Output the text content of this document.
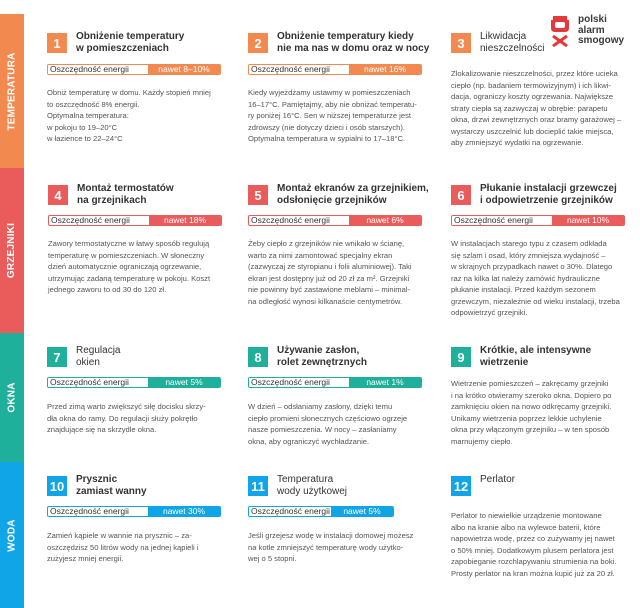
TEMPERATURA
GRZEJNIKI
OKNA
WODA
polski
alarm
smogowy
1	Obniżenie temperatury
w pomieszczeniach
Oszczędność energii	nawet 8–10%
Obniż temperaturę w domu. Każdy stopień mniej
to oszczędność 8% energii.
Optymalna temperatura:
w pokoju to 19–20°C
w łazience to 22–24°C
2	Obniżenie temperatury kiedy
nie ma nas w domu oraz w nocy
Oszczędność energii	nawet 16%
Kiedy wyjeżdżamy ustawmy w pomieszczeniach
16–17°C. Pamiętajmy, aby nie obniżać temperatu-
ry poniżej 16°C. Sen w niższej temperaturze jest
zdrowszy (nie dotyczy dzieci i osób starszych).
Optymalna temperatura w sypialni to 17–18°C.
3	Likwidacja
nieszczelności
Zlokalizowanie nieszczelności, przez które ucieka
ciepło (np. badaniem termowizyjnym) i ich likwi-
dacja, ograniczy koszty ogrzewania. Największe
straty ciepła są zazwyczaj w obrębie: parapetu
okna, drzwi zewnętrznych oraz bramy garażowej –
wystarczy uszczelnić lub docieplić takie miejsca,
aby zmniejszyć wydatki na ogrzewanie.
4	Montaż termostatów
na grzejnikach
Oszczędność energii	nawet 18%
Zawory termostatyczne w łatwy sposób regulują
temperaturę w pomieszczeniach. W słoneczny
dzień automatycznie ograniczają ogrzewanie,
utrzymując zadaną temperaturę w pokoju. Koszt
jednego zaworu to od 30 do 120 zł.
5	Montaż ekranów za grzejnikiem,
odsłonięcie grzejników
Oszczędność energii	nawet 6%
Żeby ciepło z grzejników nie wnikało w ścianę,
warto za nimi zamontować specjalny ekran
(zazwyczaj ze styropianu i folii aluminiowej). Taki
ekran jest dostępny już od 20 zł za m². Grzejniki
nie powinny być zastawione meblami – minimal-
na odległość wynosi kilkanaście centymetrów.
6	Płukanie instalacji grzewczej
i odpowietrzenie grzejników
Oszczędność energii	nawet 10%
W instalacjach starego typu z czasem odkłada
się szlam i osad, który zmniejsza wydajność –
w skrajnych przypadkach nawet o 30%. Dlatego
raz na kilka lat należy zamówić hydrauliczne
płukanie instalacji. Przed każdym sezonem
grzewczym, niezależnie od wieku instalacji, trzeba
odpowietrzyć grzejniki.
7	Regulacja
okien
Oszczędność energii	nawet 5%
Przed zimą warto zwiększyć siłę docisku skrzy-
dła okna do ramy. Do regulacji służy pokrętło
znajdujące się na skrzydle okna.
8	Używanie zasłon,
rolet zewnętrznych
Oszczędność energii	nawet 1%
W dzień – odsłaniamy zasłony, dzięki temu
ciepło promieni słonecznych częściowo ogrzeje
nasze pomieszczenia. W nocy – zasłaniamy
okna, aby ograniczyć wychładzanie.
9	Krótkie, ale intensywne
wietrzenie
Wietrzenie pomieszczeń – zakręcamy grzejniki
i na krótko otwieramy szeroko okna. Dopiero po
zamknięciu okien na nowo odkręcamy grzejniki.
Unikamy wietrzenia poprzez lekkie uchylenie
okna przy włączonym grzejniku – w ten sposób
marnujemy ciepło.
10 Prysznic
zamiast wanny
Oszczędność energii	nawet 30%
Zamień kąpiele w wannie na prysznic – za-
oszczędzisz 50 litrów wody na jednej kąpieli i
zużyjesz mniej energii.
11	Temperatura
wody użytkowej
Oszczędność energii	nawet 5%
Jeśli grzejesz wodę w instalacji domowej możesz
na kotle zmniejszyć temperaturę wody użytko-
wej o 5 stopni.
12 Perlator
Perlator to niewielkie urządzenie montowane
albo na kranie albo na wylewce baterii, które
napowietrza wodę, przez co zużywamy jej nawet
o 50% mniej. Dodatkowym plusem perlatora jest
zapobieganie rozchlapywaniu strumienia na boki.
Prosty perlator na kran można kupić już za 20 zł.
